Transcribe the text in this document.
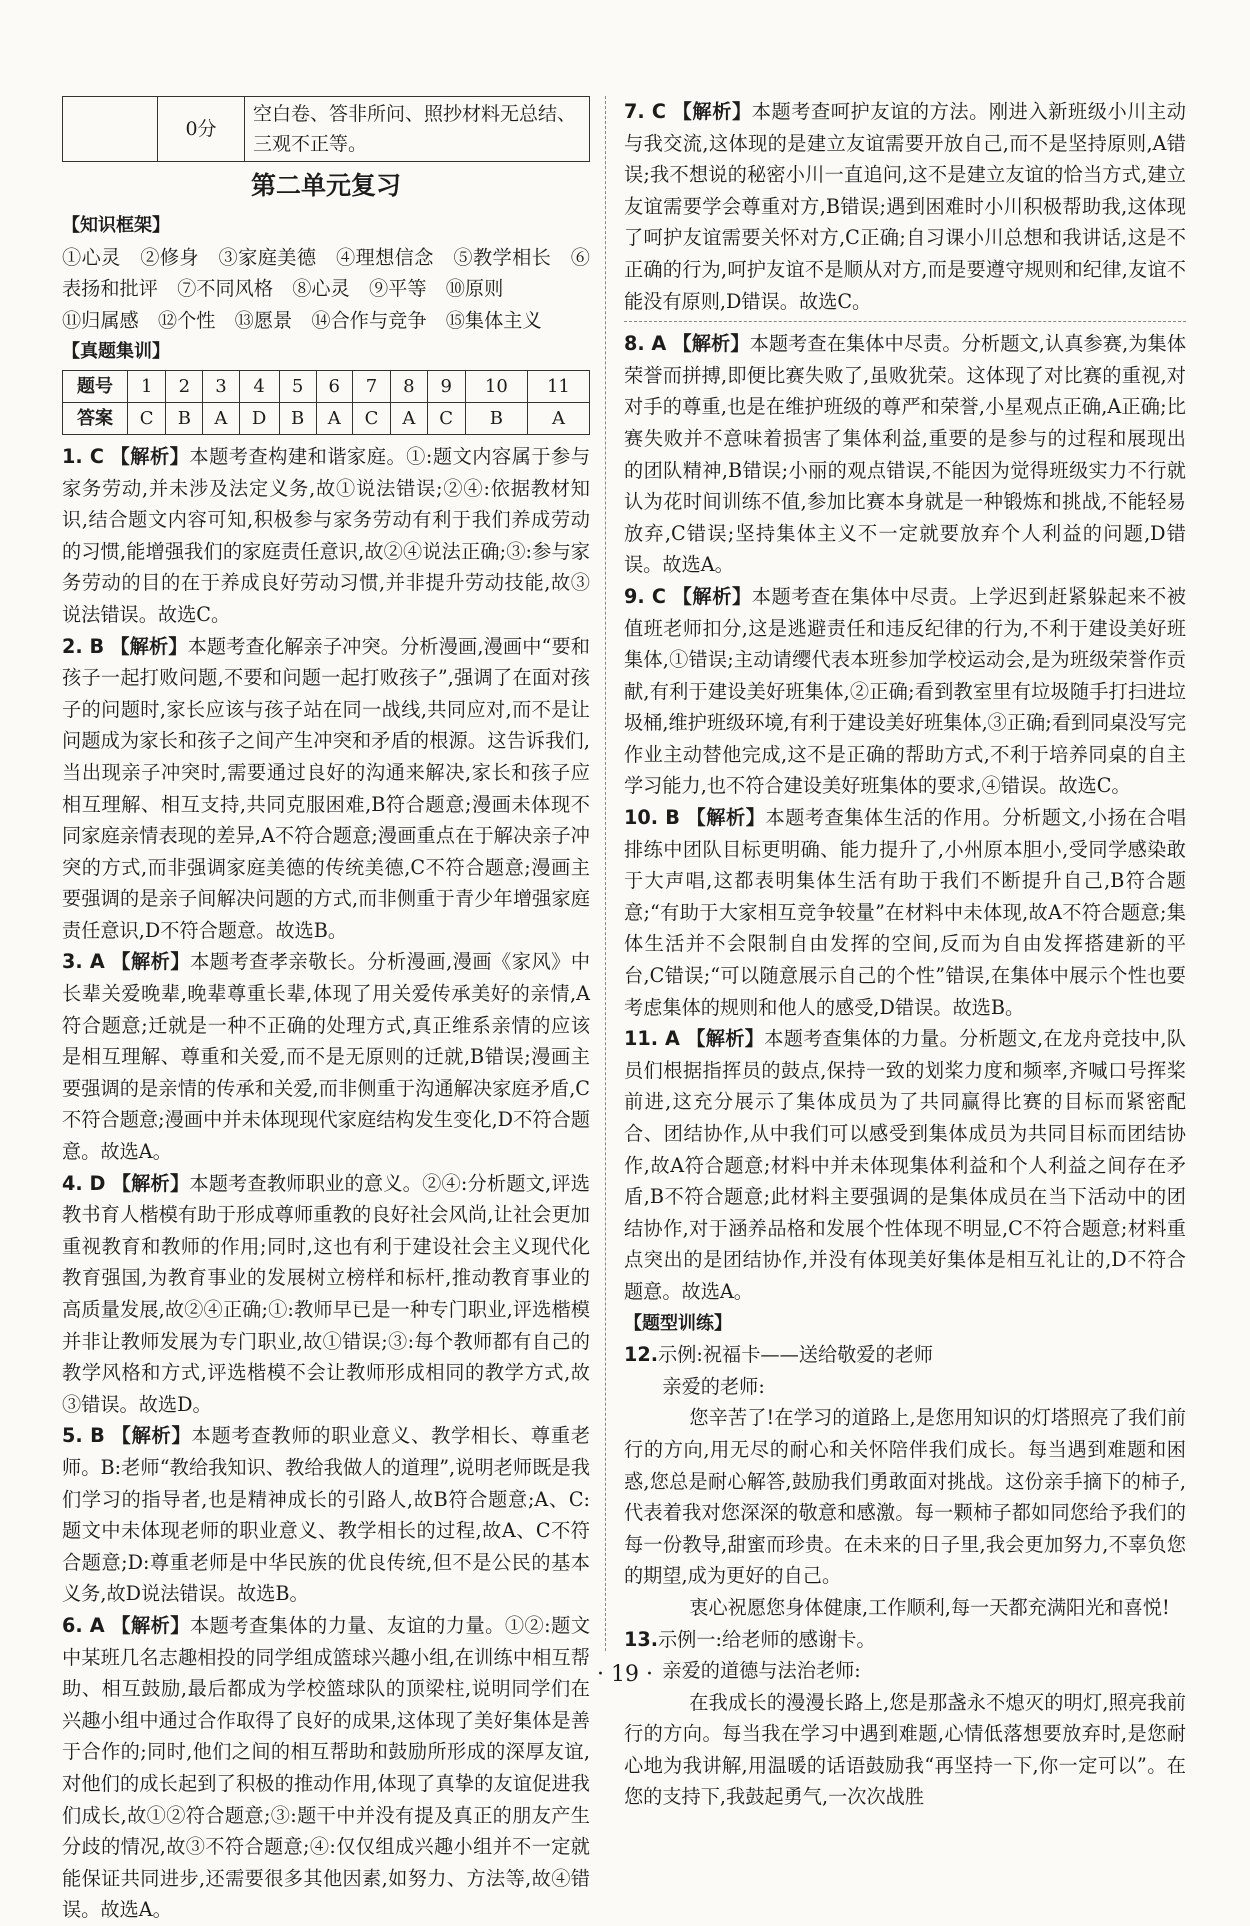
	0分	空白卷、答非所问、照抄材料无总结、三观不正等。
第二单元复习
【知识框架】

①心灵　②修身　③家庭美德　④理想信念　⑤教学相长　⑥表扬和批评　⑦不同风格　⑧心灵　⑨平等　⑩原则

⑪归属感　⑫个性　⑬愿景　⑭合作与竞争　⑮集体主义

【真题集训】
题号	1	2	3	4	5	6	7	8	9	10	11
答案	C	B	A	D	B	A	C	A	C	B	A

1. C 【解析】本题考查构建和谐家庭。①:题文内容属于参与家务劳动,并未涉及法定义务,故①说法错误;②④:依据教材知识,结合题文内容可知,积极参与家务劳动有利于我们养成劳动的习惯,能增强我们的家庭责任意识,故②④说法正确;③:参与家务劳动的目的在于养成良好劳动习惯,并非提升劳动技能,故③说法错误。故选C。

2. B 【解析】本题考查化解亲子冲突。分析漫画,漫画中“要和孩子一起打败问题,不要和问题一起打败孩子”,强调了在面对孩子的问题时,家长应该与孩子站在同一战线,共同应对,而不是让问题成为家长和孩子之间产生冲突和矛盾的根源。这告诉我们,当出现亲子冲突时,需要通过良好的沟通来解决,家长和孩子应相互理解、相互支持,共同克服困难,B符合题意;漫画未体现不同家庭亲情表现的差异,A不符合题意;漫画重点在于解决亲子冲突的方式,而非强调家庭美德的传统美德,C不符合题意;漫画主要强调的是亲子间解决问题的方式,而非侧重于青少年增强家庭责任意识,D不符合题意。故选B。

3. A 【解析】本题考查孝亲敬长。分析漫画,漫画《家风》中长辈关爱晚辈,晚辈尊重长辈,体现了用关爱传承美好的亲情,A符合题意;迁就是一种不正确的处理方式,真正维系亲情的应该是相互理解、尊重和关爱,而不是无原则的迁就,B错误;漫画主要强调的是亲情的传承和关爱,而非侧重于沟通解决家庭矛盾,C不符合题意;漫画中并未体现现代家庭结构发生变化,D不符合题意。故选A。

4. D 【解析】本题考查教师职业的意义。②④:分析题文,评选教书育人楷模有助于形成尊师重教的良好社会风尚,让社会更加重视教育和教师的作用;同时,这也有利于建设社会主义现代化教育强国,为教育事业的发展树立榜样和标杆,推动教育事业的高质量发展,故②④正确;①:教师早已是一种专门职业,评选楷模并非让教师发展为专门职业,故①错误;③:每个教师都有自己的教学风格和方式,评选楷模不会让教师形成相同的教学方式,故③错误。故选D。

5. B 【解析】本题考查教师的职业意义、教学相长、尊重老师。B:老师“教给我知识、教给我做人的道理”,说明老师既是我们学习的指导者,也是精神成长的引路人,故B符合题意;A、C:题文中未体现老师的职业意义、教学相长的过程,故A、C不符合题意;D:尊重老师是中华民族的优良传统,但不是公民的基本义务,故D说法错误。故选B。

6. A 【解析】本题考查集体的力量、友谊的力量。①②:题文中某班几名志趣相投的同学组成篮球兴趣小组,在训练中相互帮助、相互鼓励,最后都成为学校篮球队的顶梁柱,说明同学们在兴趣小组中通过合作取得了良好的成果,这体现了美好集体是善于合作的;同时,他们之间的相互帮助和鼓励所形成的深厚友谊,对他们的成长起到了积极的推动作用,体现了真挚的友谊促进我们成长,故①②符合题意;③:题干中并没有提及真正的朋友产生分歧的情况,故③不符合题意;④:仅仅组成兴趣小组并不一定就能保证共同进步,还需要很多其他因素,如努力、方法等,故④错误。故选A。

7. C 【解析】本题考查呵护友谊的方法。刚进入新班级小川主动与我交流,这体现的是建立友谊需要开放自己,而不是坚持原则,A错误;我不想说的秘密小川一直追问,这不是建立友谊的恰当方式,建立友谊需要学会尊重对方,B错误;遇到困难时小川积极帮助我,这体现了呵护友谊需要关怀对方,C正确;自习课小川总想和我讲话,这是不正确的行为,呵护友谊不是顺从对方,而是要遵守规则和纪律,友谊不能没有原则,D错误。故选C。

8. A 【解析】本题考查在集体中尽责。分析题文,认真参赛,为集体荣誉而拼搏,即便比赛失败了,虽败犹荣。这体现了对比赛的重视,对对手的尊重,也是在维护班级的尊严和荣誉,小星观点正确,A正确;比赛失败并不意味着损害了集体利益,重要的是参与的过程和展现出的团队精神,B错误;小丽的观点错误,不能因为觉得班级实力不行就认为花时间训练不值,参加比赛本身就是一种锻炼和挑战,不能轻易放弃,C错误;坚持集体主义不一定就要放弃个人利益的问题,D错误。故选A。

9. C 【解析】本题考查在集体中尽责。上学迟到赶紧躲起来不被值班老师扣分,这是逃避责任和违反纪律的行为,不利于建设美好班集体,①错误;主动请缨代表本班参加学校运动会,是为班级荣誉作贡献,有利于建设美好班集体,②正确;看到教室里有垃圾随手打扫进垃圾桶,维护班级环境,有利于建设美好班集体,③正确;看到同桌没写完作业主动替他完成,这不是正确的帮助方式,不利于培养同桌的自主学习能力,也不符合建设美好班集体的要求,④错误。故选C。

10. B 【解析】本题考查集体生活的作用。分析题文,小扬在合唱排练中团队目标更明确、能力提升了,小州原本胆小,受同学感染敢于大声唱,这都表明集体生活有助于我们不断提升自己,B符合题意;“有助于大家相互竞争较量”在材料中未体现,故A不符合题意;集体生活并不会限制自由发挥的空间,反而为自由发挥搭建新的平台,C错误;“可以随意展示自己的个性”错误,在集体中展示个性也要考虑集体的规则和他人的感受,D错误。故选B。

11. A 【解析】本题考查集体的力量。分析题文,在龙舟竞技中,队员们根据指挥员的鼓点,保持一致的划桨力度和频率,齐喊口号挥桨前进,这充分展示了集体成员为了共同赢得比赛的目标而紧密配合、团结协作,从中我们可以感受到集体成员为共同目标而团结协作,故A符合题意;材料中并未体现集体利益和个人利益之间存在矛盾,B不符合题意;此材料主要强调的是集体成员在当下活动中的团结协作,对于涵养品格和发展个性体现不明显,C不符合题意;材料重点突出的是团结协作,并没有体现美好集体是相互礼让的,D不符合题意。故选A。

【题型训练】

12.示例:祝福卡——送给敬爱的老师

亲爱的老师:

您辛苦了!在学习的道路上,是您用知识的灯塔照亮了我们前行的方向,用无尽的耐心和关怀陪伴我们成长。每当遇到难题和困惑,您总是耐心解答,鼓励我们勇敢面对挑战。这份亲手摘下的柿子,代表着我对您深深的敬意和感激。每一颗柿子都如同您给予我们的每一份教导,甜蜜而珍贵。在未来的日子里,我会更加努力,不辜负您的期望,成为更好的自己。

衷心祝愿您身体健康,工作顺利,每一天都充满阳光和喜悦!

13.示例一:给老师的感谢卡。

亲爱的道德与法治老师:

在我成长的漫漫长路上,您是那盏永不熄灭的明灯,照亮我前行的方向。每当我在学习中遇到难题,心情低落想要放弃时,是您耐心地为我讲解,用温暖的话语鼓励我“再坚持一下,你一定可以”。在您的支持下,我鼓起勇气,一次次战胜

· 19 ·
